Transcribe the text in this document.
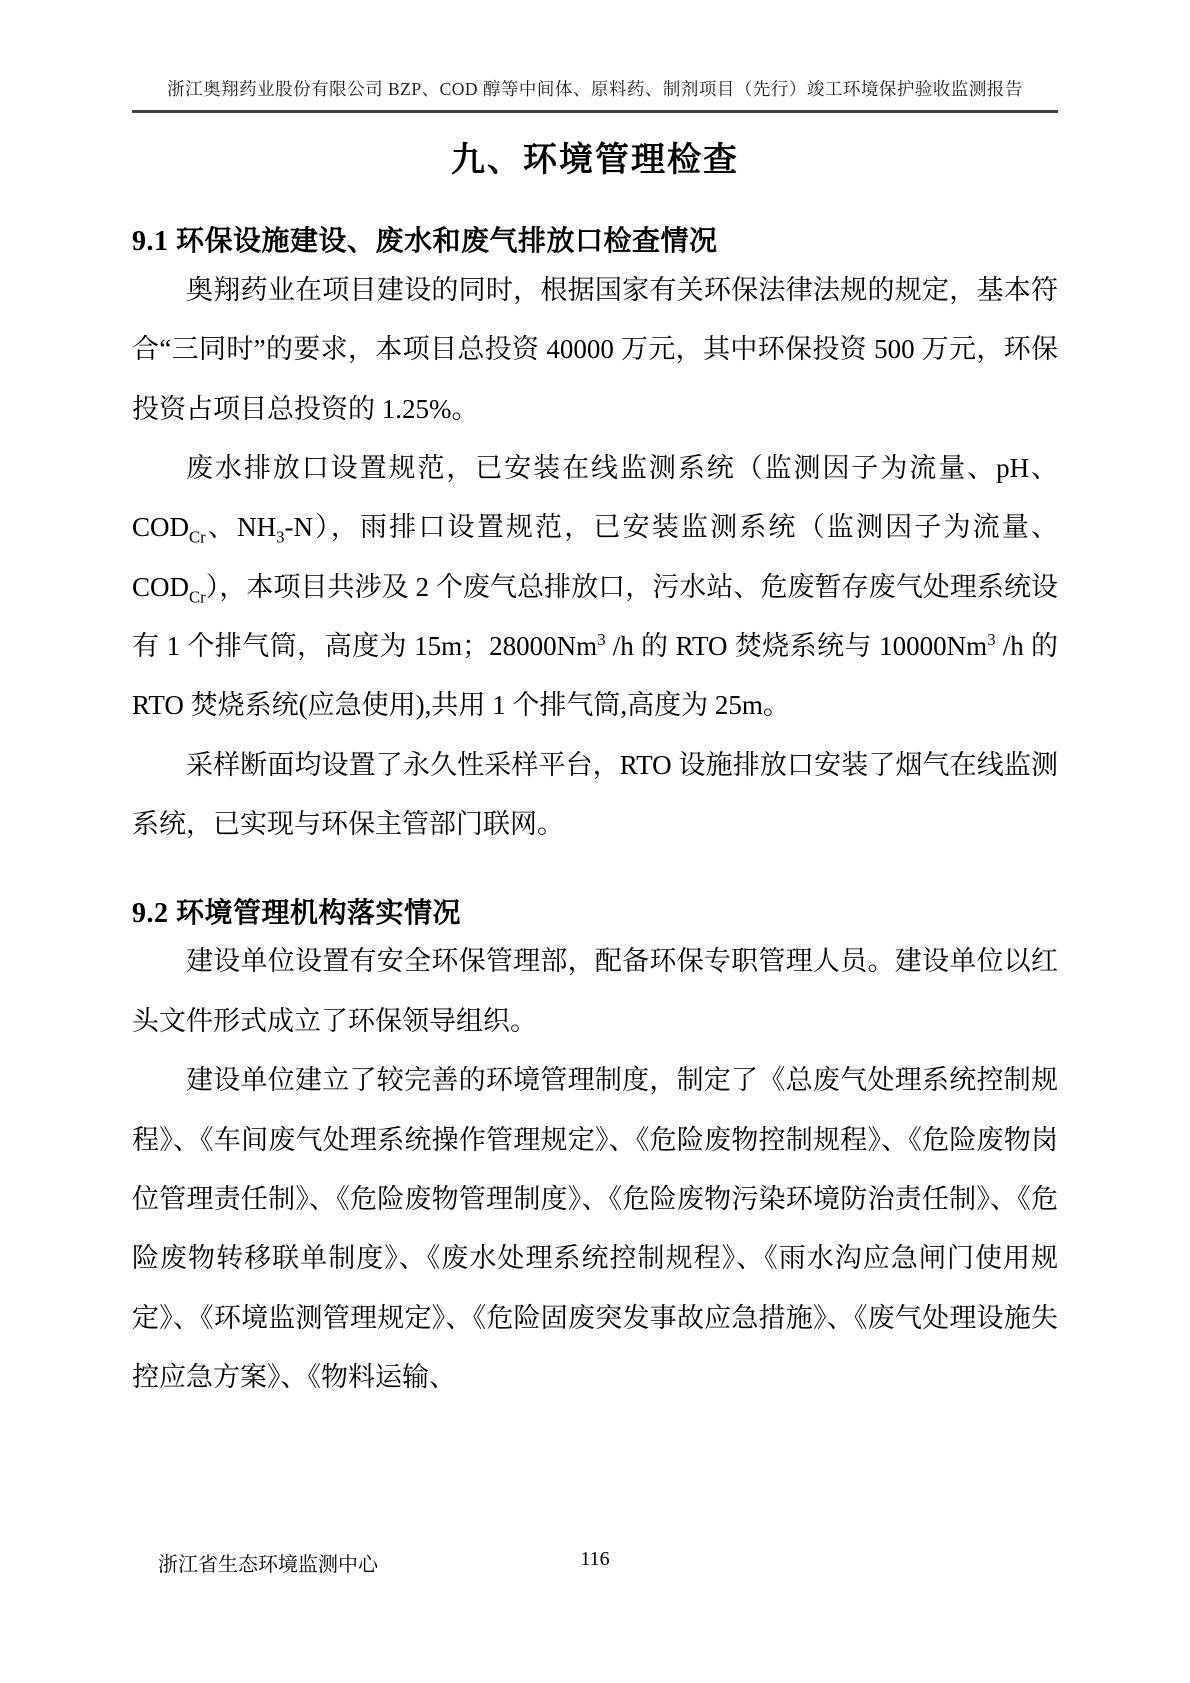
浙江奥翔药业股份有限公司 BZP、COD 醇等中间体、原料药、制剂项目（先行）竣工环境保护验收监测报告
九、环境管理检查
9.1 环保设施建设、废水和废气排放口检查情况

奥翔药业在项目建设的同时，根据国家有关环保法律法规的规定，基本符合“三同时”的要求，本项目总投资 40000 万元，其中环保投资 500 万元，环保投资占项目总投资的 1.25%。

废水排放口设置规范，已安装在线监测系统（监测因子为流量、pH、$COD_{Cr}$、$NH_3-N$），雨排口设置规范，已安装监测系统（监测因子为流量、$COD_{Cr}$），本项目共涉及 2 个废气总排放口，污水站、危废暂存废气处理系统设有 1 个排气筒，高度为 15m；28000Nm$^3$ /h 的 RTO 焚烧系统与 10000Nm$^3$ /h 的 RTO 焚烧系统(应急使用),共用 1 个排气筒,高度为 25m。

采样断面均设置了永久性采样平台，RTO 设施排放口安装了烟气在线监测系统，已实现与环保主管部门联网。

9.2 环境管理机构落实情况

建设单位设置有安全环保管理部，配备环保专职管理人员。建设单位以红头文件形式成立了环保领导组织。

建设单位建立了较完善的环境管理制度，制定了《总废气处理系统控制规程》、《车间废气处理系统操作管理规定》、《危险废物控制规程》、《危险废物岗位管理责任制》、《危险废物管理制度》、《危险废物污染环境防治责任制》、《危险废物转移联单制度》、《废水处理系统控制规程》、《雨水沟应急闸门使用规定》、《环境监测管理规定》、《危险固废突发事故应急措施》、《废气处理设施失控应急方案》、《物料运输、

浙江省生态环境监测中心	116
